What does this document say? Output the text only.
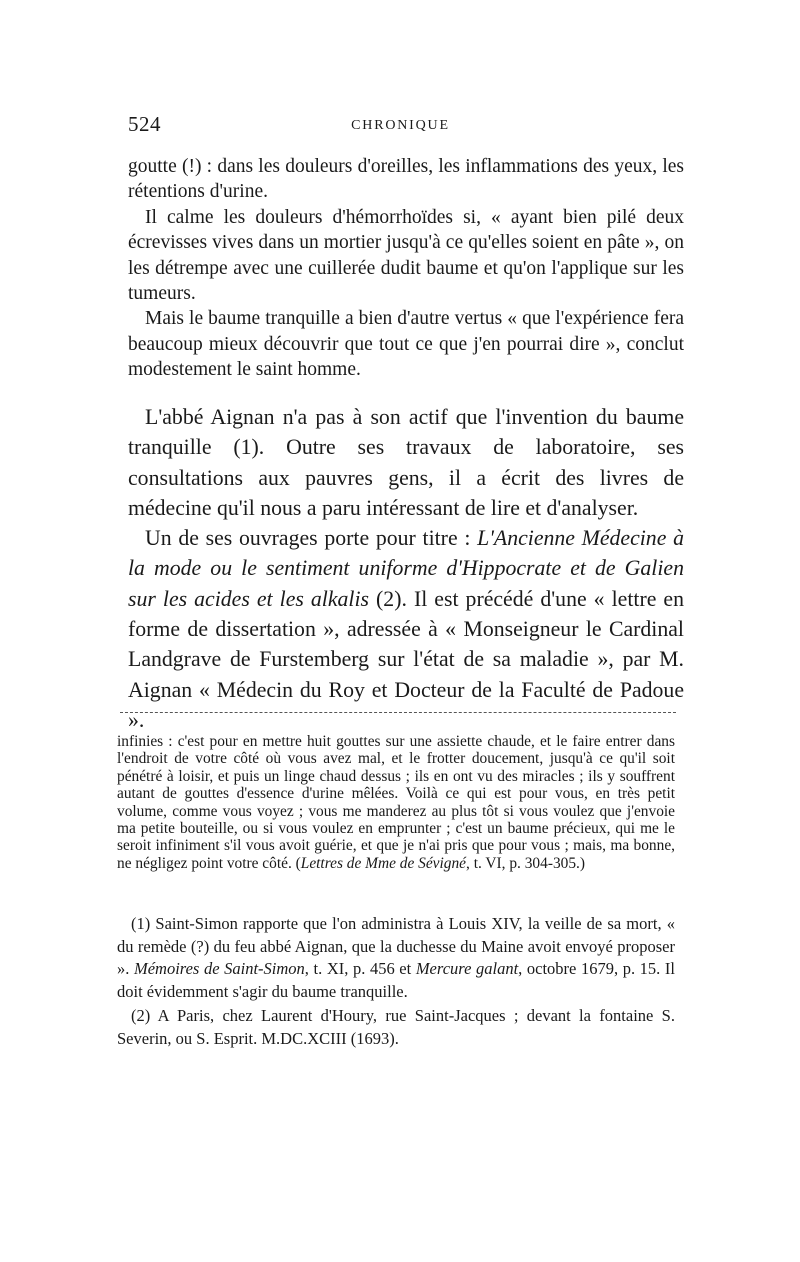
524	CHRONIQUE

goutte (!) : dans les douleurs d'oreilles, les inflammations des yeux, les rétentions d'urine.

Il calme les douleurs d'hémorrhoïdes si, « ayant bien pilé deux écrevisses vives dans un mortier jusqu'à ce qu'elles soient en pâte », on les détrempe avec une cuillerée dudit baume et qu'on l'applique sur les tumeurs.

Mais le baume tranquille a bien d'autre vertus « que l'expérience fera beaucoup mieux découvrir que tout ce que j'en pourrai dire », conclut modestement le saint homme.

L'abbé Aignan n'a pas à son actif que l'invention du baume tranquille (1). Outre ses travaux de laboratoire, ses consultations aux pauvres gens, il a écrit des livres de médecine qu'il nous a paru intéressant de lire et d'analyser.

Un de ses ouvrages porte pour titre : L'Ancienne Médecine à la mode ou le sentiment uniforme d'Hippocrate et de Galien sur les acides et les alkalis (2). Il est précédé d'une « lettre en forme de dissertation », adressée à « Monseigneur le Cardinal Landgrave de Furstemberg sur l'état de sa maladie », par M. Aignan « Médecin du Roy et Docteur de la Faculté de Padoue ».

infinies : c'est pour en mettre huit gouttes sur une assiette chaude, et le faire entrer dans l'endroit de votre côté où vous avez mal, et le frotter doucement, jusqu'à ce qu'il soit pénétré à loisir, et puis un linge chaud dessus ; ils en ont vu des miracles ; ils y souffrent autant de gouttes d'essence d'urine mêlées. Voilà ce qui est pour vous, en très petit volume, comme vous voyez ; vous me manderez au plus tôt si vous voulez que j'envoie ma petite bouteille, ou si vous voulez en emprunter ; c'est un baume précieux, qui me le seroit infiniment s'il vous avoit guérie, et que je n'ai pris que pour vous ; mais, ma bonne, ne négligez point votre côté. (Lettres de Mme de Sévigné, t. VI, p. 304-305.)

(1) Saint-Simon rapporte que l'on administra à Louis XIV, la veille de sa mort, « du remède (?) du feu abbé Aignan, que la duchesse du Maine avoit envoyé proposer ». Mémoires de Saint-Simon, t. XI, p. 456 et Mercure galant, octobre 1679, p. 15. Il doit évidemment s'agir du baume tranquille.

(2) A Paris, chez Laurent d'Houry, rue Saint-Jacques ; devant la fontaine S. Severin, ou S. Esprit. M.DC.XCIII (1693).
